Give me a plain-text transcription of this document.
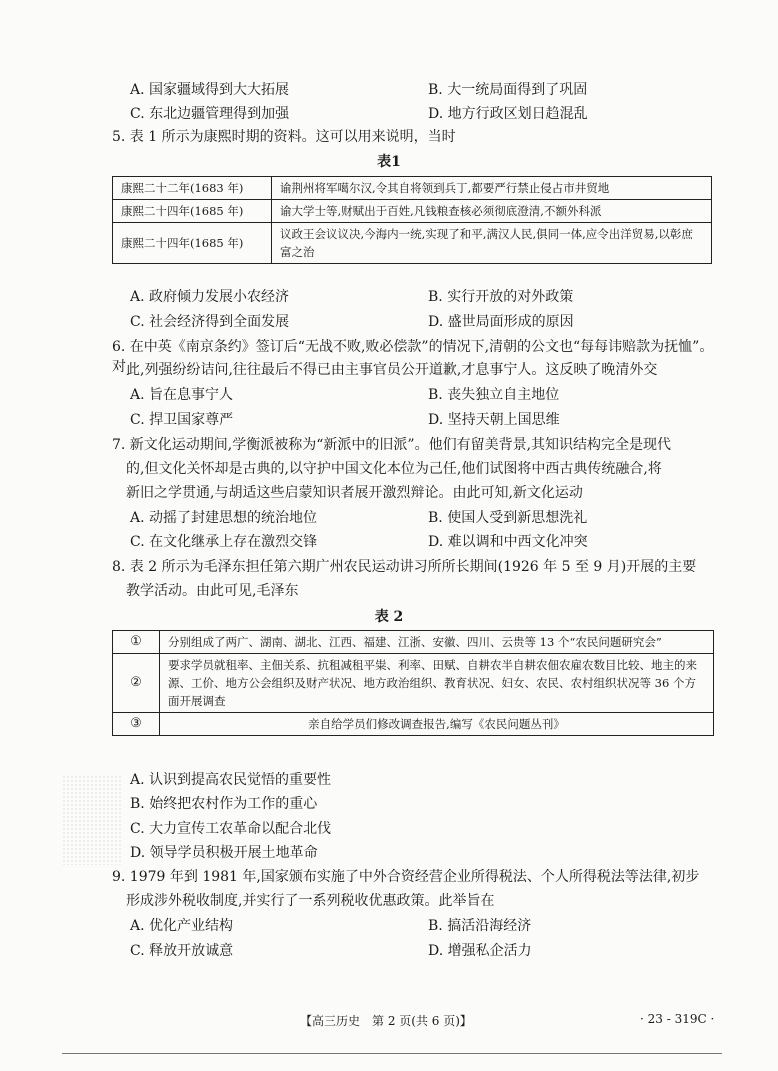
A. 国家疆域得到大大拓展	B. 大一统局面得到了巩固
C. 东北边疆管理得到加强	D. 地方行政区划日趋混乱
5. 表 1 所示为康熙时期的资料。这可以用来说明，当时
表1
康熙二十二年(1683 年)	谕荆州将军噶尔汉,令其自将领到兵丁,都要严行禁止侵占市井贸地
康熙二十四年(1685 年)	谕大学士等,财赋出于百姓,凡钱粮查核必须彻底澄清,不额外科派
康熙二十四年(1685 年)	议政王会议议决,今海内一统,实现了和平,满汉人民,俱同一体,应令出洋贸易,以彰庶富之治
A. 政府倾力发展小农经济	B. 实行开放的对外政策
C. 社会经济得到全面发展	D. 盛世局面形成的原因
6. 在中英《南京条约》签订后“无战不败,败必偿款”的情况下,清朝的公文也“每每讳赔款为抚恤”。对 此,列强纷纷诘问,往往最后不得已由主事官员公开道歉,才息事宁人。这反映了晚清外交
A. 旨在息事宁人	B. 丧失独立自主地位
C. 捍卫国家尊严	D. 坚持天朝上国思维
7. 新文化运动期间,学衡派被称为“新派中的旧派”。他们有留美背景,其知识结构完全是现代
的,但文化关怀却是古典的,以守护中国文化本位为己任,他们试图将中西古典传统融合,将
新旧之学贯通,与胡适这些启蒙知识者展开激烈辩论。由此可知,新文化运动
A. 动摇了封建思想的统治地位	B. 使国人受到新思想洗礼
C. 在文化继承上存在激烈交锋	D. 难以调和中西文化冲突
8. 表 2 所示为毛泽东担任第六期广州农民运动讲习所所长期间(1926 年 5 至 9 月)开展的主要
教学活动。由此可见,毛泽东
表 2
①	分别组成了两广、湖南、湖北、江西、福建、江浙、安徽、四川、云贵等 13 个“农民问题研究会”
②	要求学员就租率、主佃关系、抗租减租平粜、利率、田赋、自耕农半自耕农佃农雇农数目比较、地主的来源、工价、地方公会组织及财产状况、地方政治组织、教育状况、妇女、农民、农村组织状况等 36 个方面开展调查
③	亲自给学员们修改调查报告,编写《农民问题丛刊》
A. 认识到提高农民觉悟的重要性
B. 始终把农村作为工作的重心
C. 大力宣传工农革命以配合北伐
D. 领导学员积极开展土地革命
9. 1979 年到 1981 年,国家颁布实施了中外合资经营企业所得税法、个人所得税法等法律,初步
形成涉外税收制度,并实行了一系列税收优惠政策。此举旨在
A. 优化产业结构	B. 搞活沿海经济
C. 释放开放诚意	D. 增强私企活力
【高三历史　第 2 页(共 6 页)】	· 23 - 319C ·
